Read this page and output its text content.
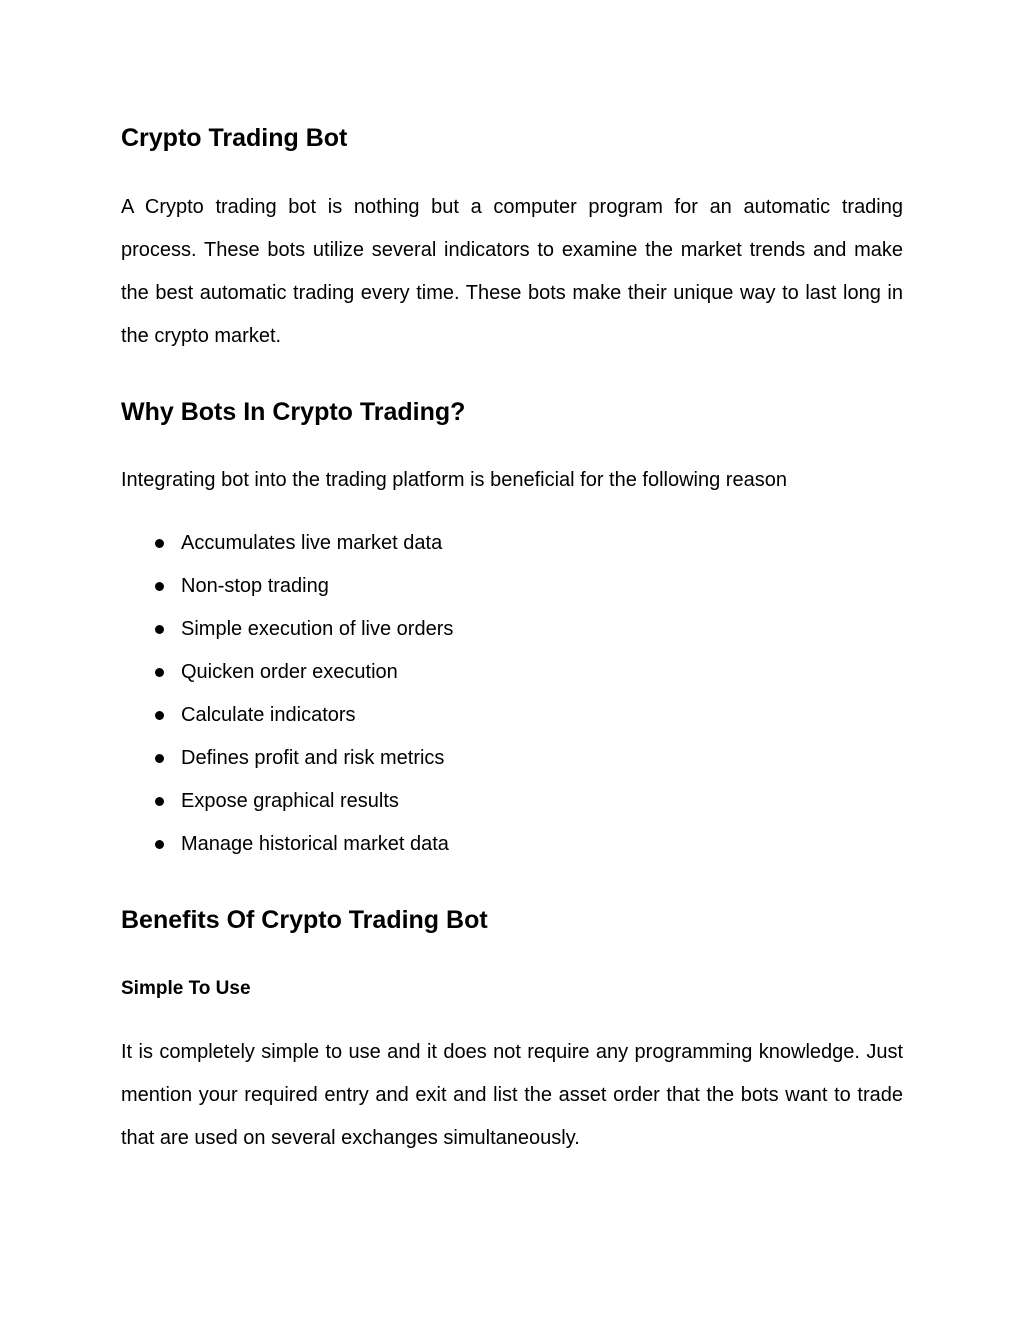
Crypto Trading Bot

A Crypto trading bot is nothing but a computer program for an automatic trading process. These bots utilize several indicators to examine the market trends and make the best automatic trading every time. These bots make their unique way to last long in the crypto market.

Why Bots In Crypto Trading?

Integrating bot into the trading platform is beneficial for the following reason

Accumulates live market data
Non-stop trading
Simple execution of live orders
Quicken order execution
Calculate indicators
Defines profit and risk metrics
Expose graphical results
Manage historical market data
Benefits Of Crypto Trading Bot
Simple To Use

It is completely simple to use and it does not require any programming knowledge. Just mention your required entry and exit and list the asset order that the bots want to trade that are used on several exchanges simultaneously.
